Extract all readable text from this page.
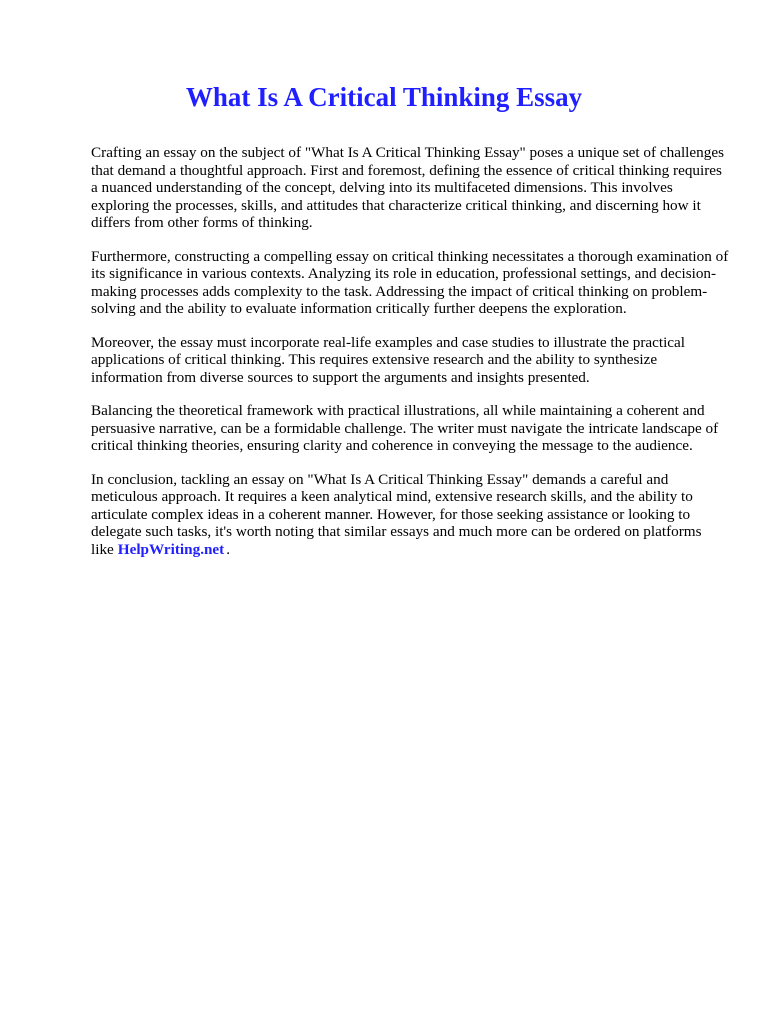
What Is A Critical Thinking Essay

Crafting an essay on the subject of "What Is A Critical Thinking Essay" poses a unique set of challenges that demand a thoughtful approach. First and foremost, defining the essence of critical thinking requires a nuanced understanding of the concept, delving into its multifaceted dimensions. This involves exploring the processes, skills, and attitudes that characterize critical thinking, and discerning how it differs from other forms of thinking.

Furthermore, constructing a compelling essay on critical thinking necessitates a thorough examination of its significance in various contexts. Analyzing its role in education, professional settings, and decision-making processes adds complexity to the task. Addressing the impact of critical thinking on problem-solving and the ability to evaluate information critically further deepens the exploration.

Moreover, the essay must incorporate real-life examples and case studies to illustrate the practical applications of critical thinking. This requires extensive research and the ability to synthesize information from diverse sources to support the arguments and insights presented.

Balancing the theoretical framework with practical illustrations, all while maintaining a coherent and persuasive narrative, can be a formidable challenge. The writer must navigate the intricate landscape of critical thinking theories, ensuring clarity and coherence in conveying the message to the audience.

In conclusion, tackling an essay on "What Is A Critical Thinking Essay" demands a careful and meticulous approach. It requires a keen analytical mind, extensive research skills, and the ability to articulate complex ideas in a coherent manner. However, for those seeking assistance or looking to delegate such tasks, it's worth noting that similar essays and much more can be ordered on platforms like HelpWriting.net .
